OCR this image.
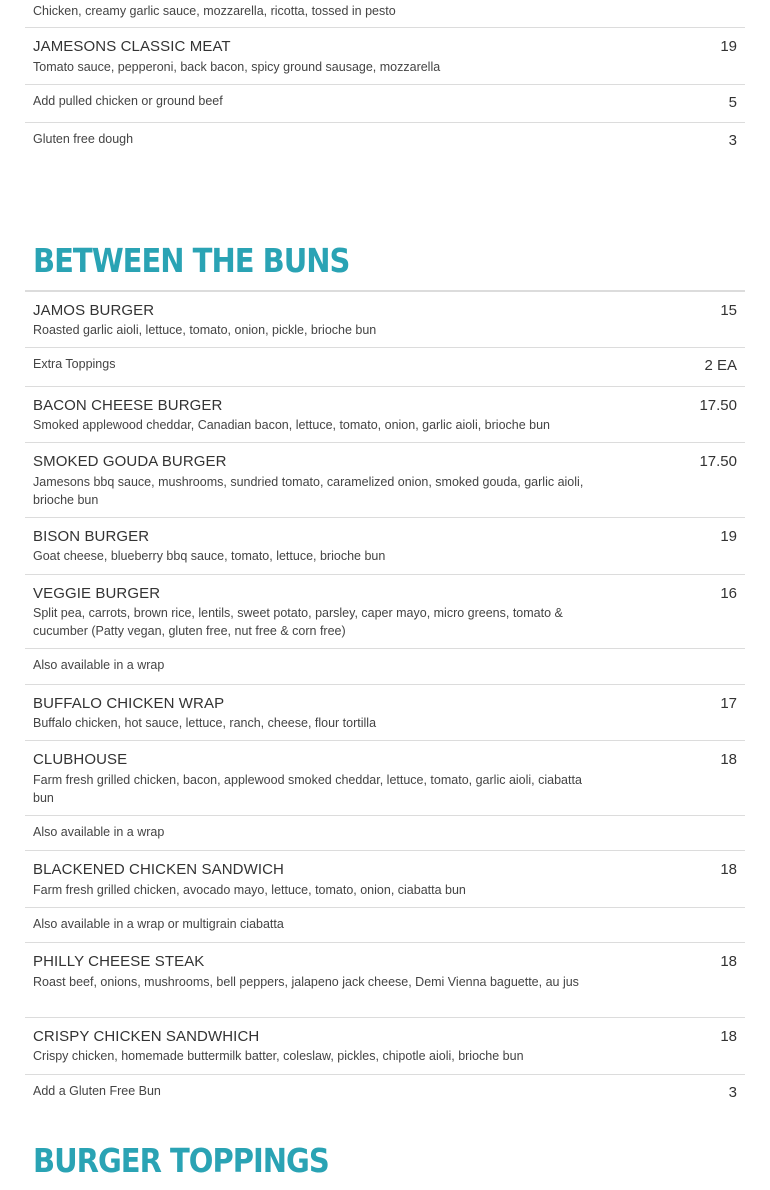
Chicken, creamy garlic sauce, mozzarella, ricotta, tossed in pesto
JAMESONS CLASSIC MEAT	19
Tomato sauce, pepperoni, back bacon, spicy ground sausage, mozzarella
Add pulled chicken or ground beef	5
Gluten free dough	3
BETWEEN THE BUNS
JAMOS BURGER	15
Roasted garlic aioli, lettuce, tomato, onion, pickle, brioche bun
Extra Toppings	2 EA
BACON CHEESE BURGER	17.50
Smoked applewood cheddar, Canadian bacon, lettuce, tomato, onion, garlic aioli, brioche bun
SMOKED GOUDA BURGER	17.50
Jamesons bbq sauce, mushrooms, sundried tomato, caramelized onion, smoked gouda, garlic aioli, brioche bun
BISON BURGER	19
Goat cheese, blueberry bbq sauce, tomato, lettuce, brioche bun
VEGGIE BURGER	16
Split pea, carrots, brown rice, lentils, sweet potato, parsley, caper mayo, micro greens, tomato & cucumber (Patty vegan, gluten free, nut free & corn free)
Also available in a wrap
BUFFALO CHICKEN WRAP	17
Buffalo chicken, hot sauce, lettuce, ranch, cheese, flour tortilla
CLUBHOUSE	18
Farm fresh grilled chicken, bacon, applewood smoked cheddar, lettuce, tomato, garlic aioli, ciabatta bun
Also available in a wrap
BLACKENED CHICKEN SANDWICH	18
Farm fresh grilled chicken, avocado mayo, lettuce, tomato, onion, ciabatta bun
Also available in a wrap or multigrain ciabatta
PHILLY CHEESE STEAK	18
Roast beef, onions, mushrooms, bell peppers, jalapeno jack cheese, Demi Vienna baguette, au jus
CRISPY CHICKEN SANDWHICH	18
Crispy chicken, homemade buttermilk batter, coleslaw, pickles, chipotle aioli, brioche bun
Add a Gluten Free Bun	3
BURGER TOPPINGS
